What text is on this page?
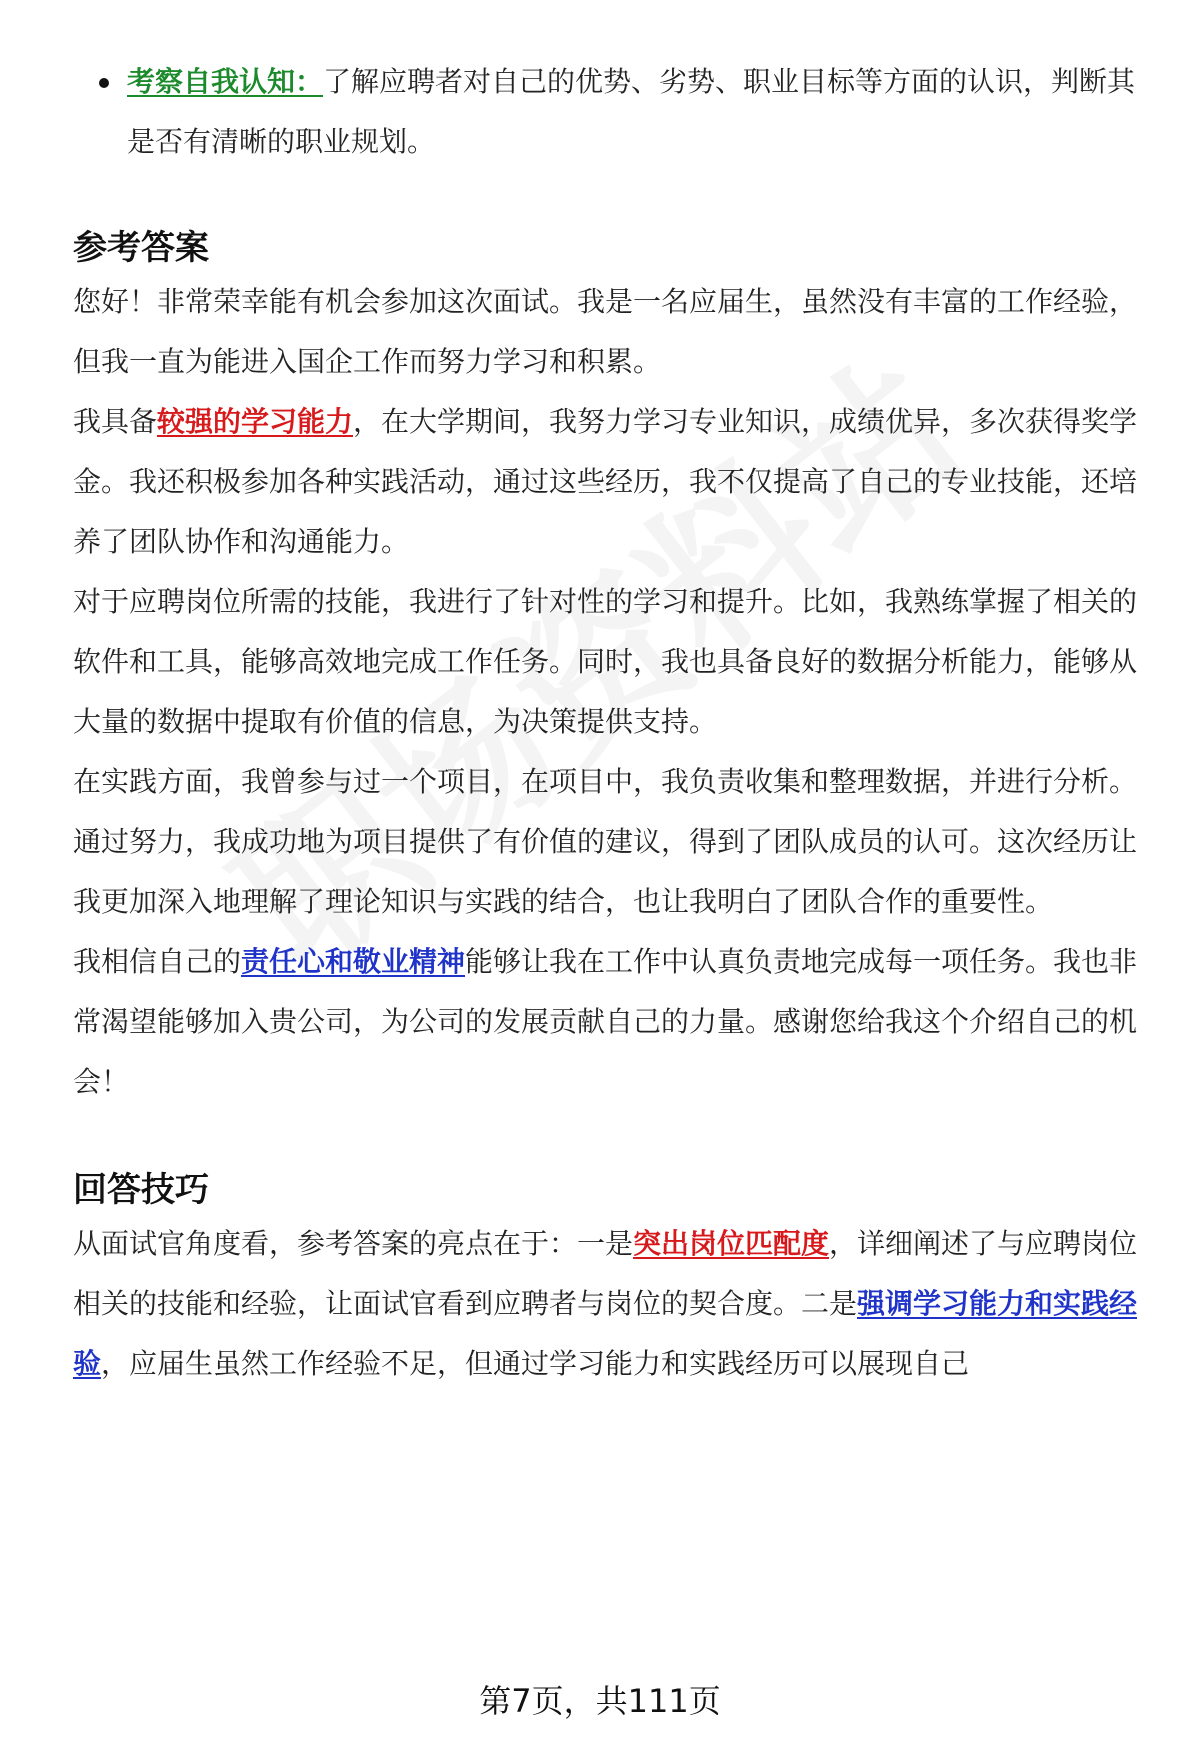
考察自我认知：了解应聘者对自己的优势、劣势、职业目标等方面的认识，判断其是否有清晰的职业规划。
参考答案

您好！非常荣幸能有机会参加这次面试。我是一名应届生，虽然没有丰富的工作经验，但我一直为能进入国企工作而努力学习和积累。

我具备较强的学习能力，在大学期间，我努力学习专业知识，成绩优异，多次获得奖学金。我还积极参加各种实践活动，通过这些经历，我不仅提高了自己的专业技能，还培养了团队协作和沟通能力。

对于应聘岗位所需的技能，我进行了针对性的学习和提升。比如，我熟练掌握了相关的软件和工具，能够高效地完成工作任务。同时，我也具备良好的数据分析能力，能够从大量的数据中提取有价值的信息，为决策提供支持。

在实践方面，我曾参与过一个项目，在项目中，我负责收集和整理数据，并进行分析。通过努力，我成功地为项目提供了有价值的建议，得到了团队成员的认可。这次经历让我更加深入地理解了理论知识与实践的结合，也让我明白了团队合作的重要性。

我相信自己的责任心和敬业精神能够让我在工作中认真负责地完成每一项任务。我也非常渴望能够加入贵公司，为公司的发展贡献自己的力量。感谢您给我这个介绍自己的机会！

回答技巧

从面试官角度看，参考答案的亮点在于：一是突出岗位匹配度，详细阐述了与应聘岗位相关的技能和经验，让面试官看到应聘者与岗位的契合度。二是强调学习能力和实践经验，应届生虽然工作经验不足，但通过学习能力和实践经历可以展现自己

第7页，共111页
